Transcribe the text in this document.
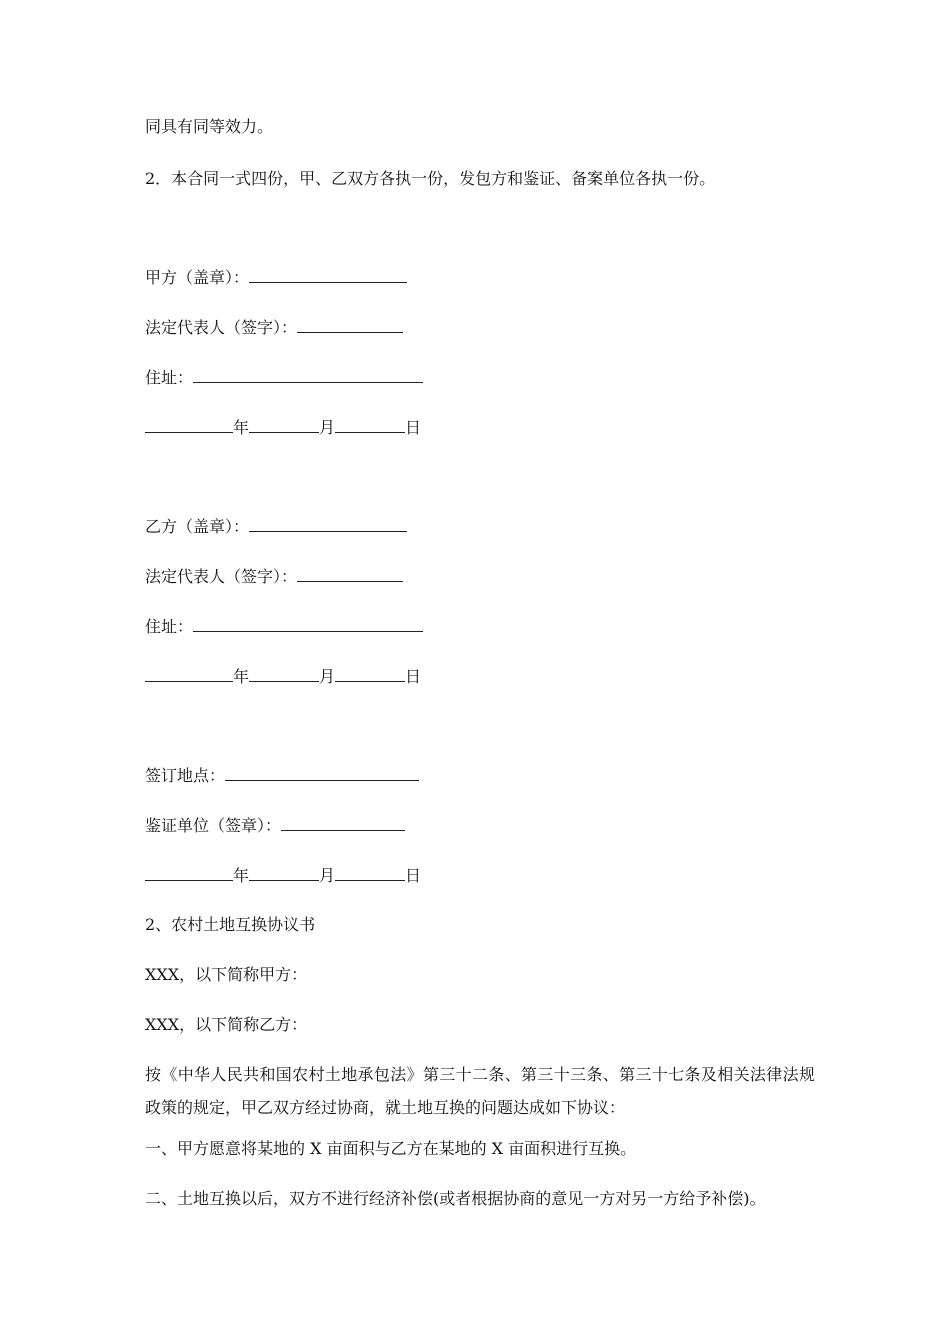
同具有同等效力。
2．本合同一式四份，甲、乙双方各执一份，发包方和鉴证、备案单位各执一份。
甲方（盖章）：
法定代表人（签字）：
住址：
年	月	日
乙方（盖章）：
法定代表人（签字）：
住址：
年	月	日
签订地点：
鉴证单位（签章）：
年	月	日
2、农村土地互换协议书
XXX，以下简称甲方：
XXX，以下简称乙方：
按《中华人民共和国农村土地承包法》第三十二条、第三十三条、第三十七条及相关法律法规政策的规定，甲乙双方经过协商，就土地互换的问题达成如下协议：
一、甲方愿意将某地的 X 亩面积与乙方在某地的 X 亩面积进行互换。
二、土地互换以后，双方不进行经济补偿(或者根据协商的意见一方对另一方给予补偿)。
